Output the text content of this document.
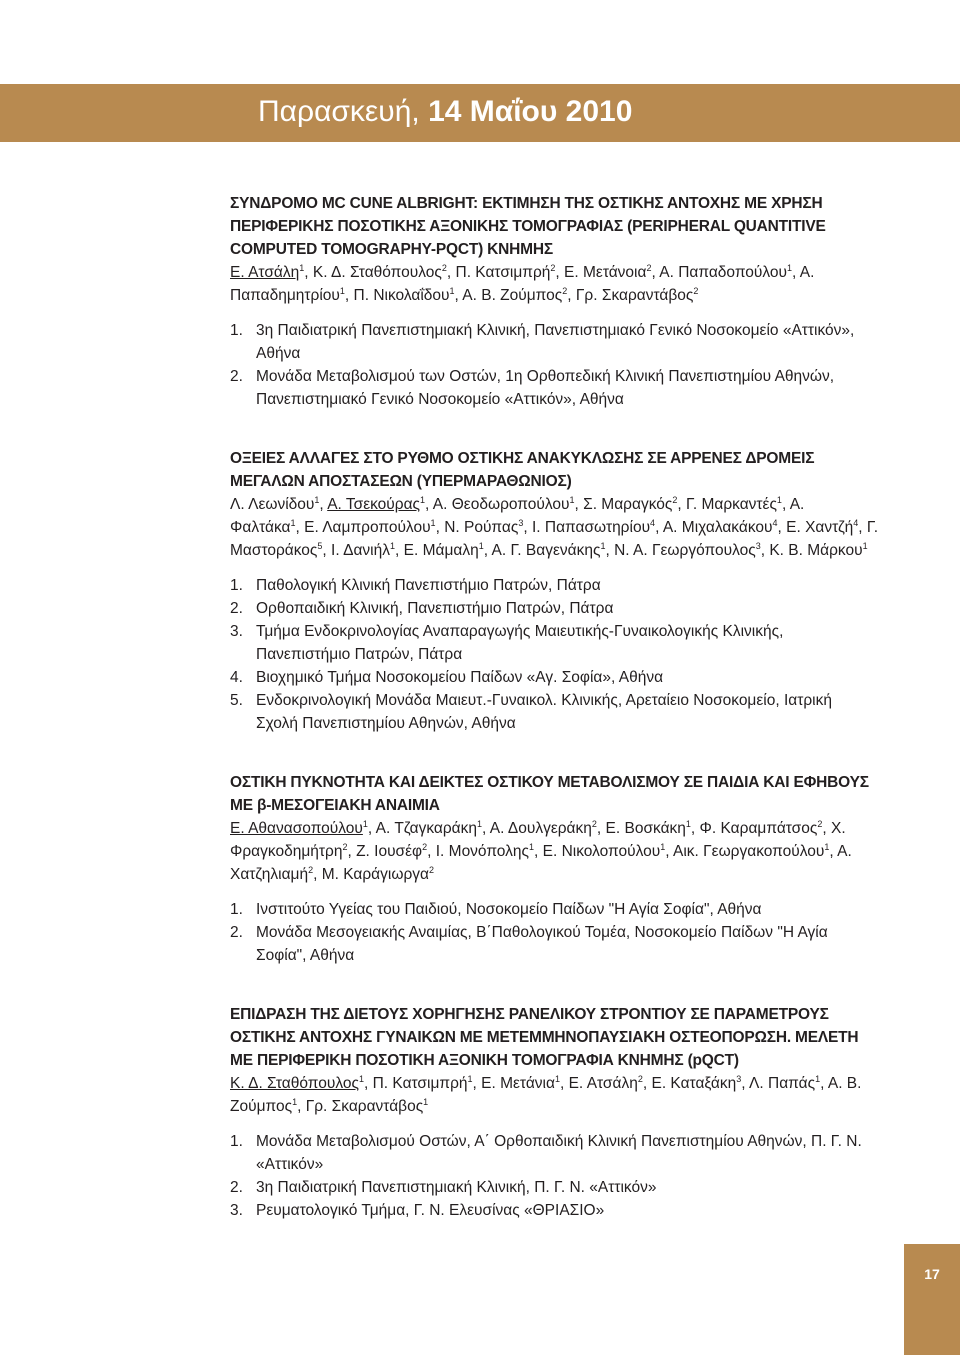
Παρασκευή, 14 Μαΐου 2010

ΣΥΝΔΡΟΜΟ MC CUNE ALBRIGHT: ΕΚΤΙΜΗΣΗ ΤΗΣ ΟΣΤΙΚΗΣ ΑΝΤΟΧΗΣ ΜΕ ΧΡΗΣΗ ΠΕΡΙΦΕΡΙΚΗΣ ΠΟΣΟΤΙΚΗΣ ΑΞΟΝΙΚΗΣ ΤΟΜΟΓΡΑΦΙΑΣ (PERIPHERAL QUANTITIVE COMPUTED TOMOGRAPHY-PQCT) ΚΝΗΜΗΣ

Ε. Ατσάλη$^1$, Κ. Δ. Σταθόπουλος$^2$, Π. Κατσιμπρή$^2$, Ε. Μετάνοια$^2$, Α. Παπαδοπούλου$^1$, Α. Παπαδημητρίου$^1$, Π. Νικολαΐδου$^1$, Α. Β. Ζούμπος$^2$, Γρ. Σκαραντάβος$^2$

1. 3η Παιδιατρική Πανεπιστημιακή Κλινική, Πανεπιστημιακό Γενικό Νοσοκομείο «Αττικόν», Αθήνα
2. Μονάδα Μεταβολισμού των Οστών, 1η Ορθοπεδική Κλινική Πανεπιστημίου Αθηνών, Πανεπιστημιακό Γενικό Νοσοκομείο «Αττικόν», Αθήνα

ΟΞΕΙΕΣ ΑΛΛΑΓΕΣ ΣΤΟ ΡΥΘΜΟ ΟΣΤΙΚΗΣ ΑΝΑΚΥΚΛΩΣΗΣ ΣΕ ΑΡΡΕΝΕΣ ΔΡΟΜΕΙΣ ΜΕΓΑΛΩΝ ΑΠΟΣΤΑΣΕΩΝ (ΥΠΕΡΜΑΡΑΘΩΝΙΟΣ)

Λ. Λεωνίδου$^1$, Α. Τσεκούρας$^1$, Α. Θεοδωροπούλου$^1$, Σ. Μαραγκός$^2$, Γ. Μαρκαντές$^1$, Α. Φαλτάκα$^1$, Ε. Λαμπροπούλου$^1$, Ν. Ρούπας$^3$, Ι. Παπασωτηρίου$^4$, Α. Μιχαλακάκου$^4$, Ε. Χαντζή$^4$, Γ. Μαστοράκος$^5$, Ι. Δανιήλ$^1$, Ε. Μάμαλη$^1$, Α. Γ. Βαγενάκης$^1$, Ν. Α. Γεωργόπουλος$^3$, Κ. Β. Μάρκου$^1$

1. Παθολογική Κλινική Πανεπιστήμιο Πατρών, Πάτρα
2. Ορθοπαιδική Κλινική, Πανεπιστήμιο Πατρών, Πάτρα
3. Τμήμα Ενδοκρινολογίας Αναπαραγωγής Μαιευτικής-Γυναικολογικής Κλινικής, Πανεπιστήμιο Πατρών, Πάτρα
4. Βιοχημικό Τμήμα Νοσοκομείου Παίδων «Αγ. Σοφία», Αθήνα
5. Ενδοκρινολογική Μονάδα Μαιευτ.-Γυναικολ. Κλινικής, Αρεταίειο Νοσοκομείο, Ιατρική Σχολή Πανεπιστημίου Αθηνών, Αθήνα

ΟΣΤΙΚΗ ΠΥΚΝΟΤΗΤΑ ΚΑΙ ΔΕΙΚΤΕΣ ΟΣΤΙΚΟΥ ΜΕΤΑΒΟΛΙΣΜΟΥ ΣΕ ΠΑΙΔΙΑ ΚΑΙ ΕΦΗΒΟΥΣ ΜΕ β-ΜΕΣΟΓΕΙΑΚΗ ΑΝΑΙΜΙΑ

Ε. Αθανασοπούλου$^1$, Α. Τζαγκαράκη$^1$, Α. Δουλγεράκη$^2$, Ε. Βοσκάκη$^1$, Φ. Καραμπάτσος$^2$, Χ. Φραγκοδημήτρη$^2$, Ζ. Ιουσέφ$^2$, Ι. Μονόπολης$^1$, Ε. Νικολοπούλου$^1$, Αικ. Γεωργακοπούλου$^1$, Α. Χατζηλιαμή$^2$, Μ. Καράγιωργα$^2$

1. Ινστιτούτο Υγείας του Παιδιού, Νοσοκομείο Παίδων "Η Αγία Σοφία", Αθήνα
2. Μονάδα Μεσογειακής Αναιμίας, Β΄Παθολογικού Τομέα, Νοσοκομείο Παίδων "Η Αγία Σοφία", Αθήνα

ΕΠΙΔΡΑΣΗ ΤΗΣ ΔΙΕΤΟΥΣ ΧΟΡΗΓΗΣΗΣ ΡΑΝΕΛΙΚΟΥ ΣΤΡΟΝΤΙΟΥ ΣΕ ΠΑΡΑΜΕΤΡΟΥΣ ΟΣΤΙΚΗΣ ΑΝΤΟΧΗΣ ΓΥΝΑΙΚΩΝ ΜΕ ΜΕΤΕΜΜΗΝΟΠΑΥΣΙΑΚΗ ΟΣΤΕΟΠΟΡΩΣΗ. ΜΕΛΕΤΗ ΜΕ ΠΕΡΙΦΕΡΙΚΗ ΠΟΣΟΤΙΚΗ ΑΞΟΝΙΚΗ ΤΟΜΟΓΡΑΦΙΑ ΚΝΗΜΗΣ (pQCT)

Κ. Δ. Σταθόπουλος$^1$, Π. Κατσιμπρή$^1$, Ε. Μετάνια$^1$, Ε. Ατσάλη$^2$, Ε. Καταξάκη$^3$, Λ. Παπάς$^1$, Α. Β. Ζούμπος$^1$, Γρ. Σκαραντάβος$^1$

1. Μονάδα Μεταβολισμού Οστών, Α΄ Ορθοπαιδική Κλινική Πανεπιστημίου Αθηνών, Π. Γ. Ν. «Αττικόν»
2. 3η Παιδιατρική Πανεπιστημιακή Κλινική, Π. Γ. Ν. «Αττικόν»
3. Ρευματολογικό Τμήμα, Γ. Ν. Ελευσίνας «ΘΡΙΑΣΙΟ»
17
